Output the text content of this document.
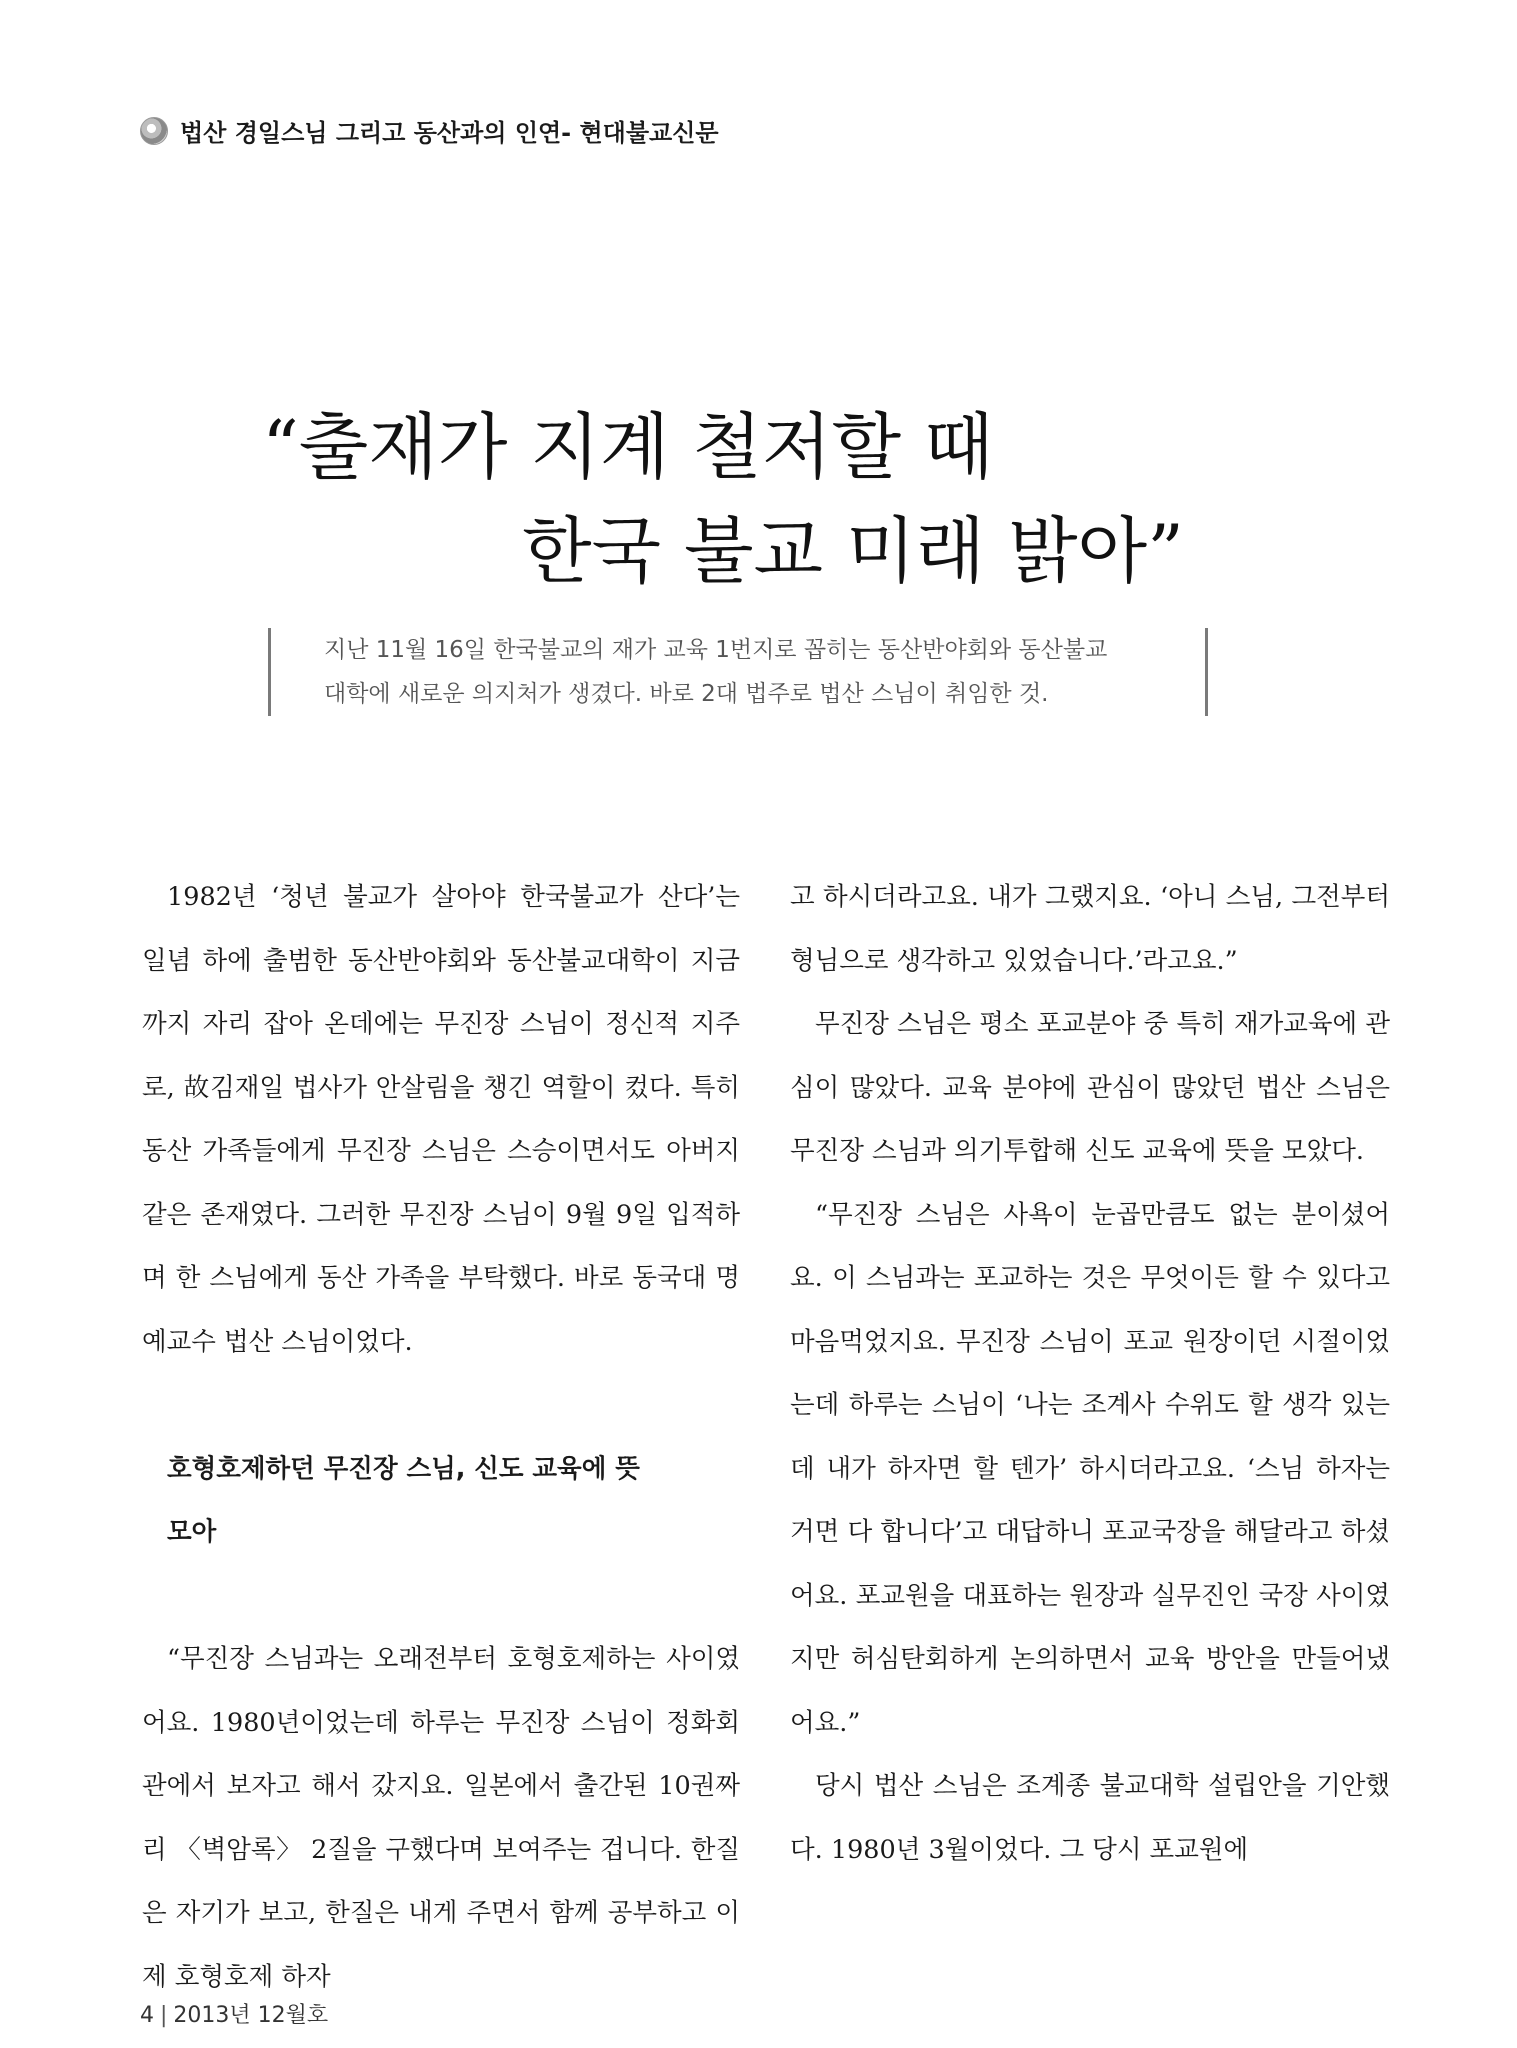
법산 경일스님 그리고 동산과의 인연- 현대불교신문
“출재가 지계 철저할 때
한국 불교 미래 밝아”
지난 11월 16일 한국불교의 재가 교육 1번지로 꼽히는 동산반야회와 동산불교
대학에 새로운 의지처가 생겼다. 바로 2대 법주로 법산 스님이 취임한 것.

1982년 ‘청년 불교가 살아야 한국불교가 산다’는 일념 하에 출범한 동산반야회와 동산불교대학이 지금까지 자리 잡아 온데에는 무진장 스님이 정신적 지주로, 故김재일 법사가 안살림을 챙긴 역할이 컸다. 특히 동산 가족들에게 무진장 스님은 스승이면서도 아버지 같은 존재였다. 그러한 무진장 스님이 9월 9일 입적하며 한 스님에게 동산 가족을 부탁했다. 바로 동국대 명예교수 법산 스님이었다.

호형호제하던 무진장 스님, 신도 교육에 뜻
모아

“무진장 스님과는 오래전부터 호형호제하는 사이였어요. 1980년이었는데 하루는 무진장 스님이 정화회관에서 보자고 해서 갔지요. 일본에서 출간된 10권짜리 〈벽암록〉 2질을 구했다며 보여주는 겁니다. 한질은 자기가 보고, 한질은 내게 주면서 함께 공부하고 이제 호형호제 하자

고 하시더라고요. 내가 그랬지요. ‘아니 스님, 그전부터 형님으로 생각하고 있었습니다.’라고요.”

무진장 스님은 평소 포교분야 중 특히 재가교육에 관심이 많았다. 교육 분야에 관심이 많았던 법산 스님은 무진장 스님과 의기투합해 신도 교육에 뜻을 모았다.

“무진장 스님은 사욕이 눈곱만큼도 없는 분이셨어요. 이 스님과는 포교하는 것은 무엇이든 할 수 있다고 마음먹었지요. 무진장 스님이 포교 원장이던 시절이었는데 하루는 스님이 ‘나는 조계사 수위도 할 생각 있는데 내가 하자면 할 텐가’ 하시더라고요. ‘스님 하자는 거면 다 합니다’고 대답하니 포교국장을 해달라고 하셨어요. 포교원을 대표하는 원장과 실무진인 국장 사이였지만 허심탄회하게 논의하면서 교육 방안을 만들어냈어요.”

당시 법산 스님은 조계종 불교대학 설립안을 기안했다. 1980년 3월이었다. 그 당시 포교원에

4 | 2013년 12월호
